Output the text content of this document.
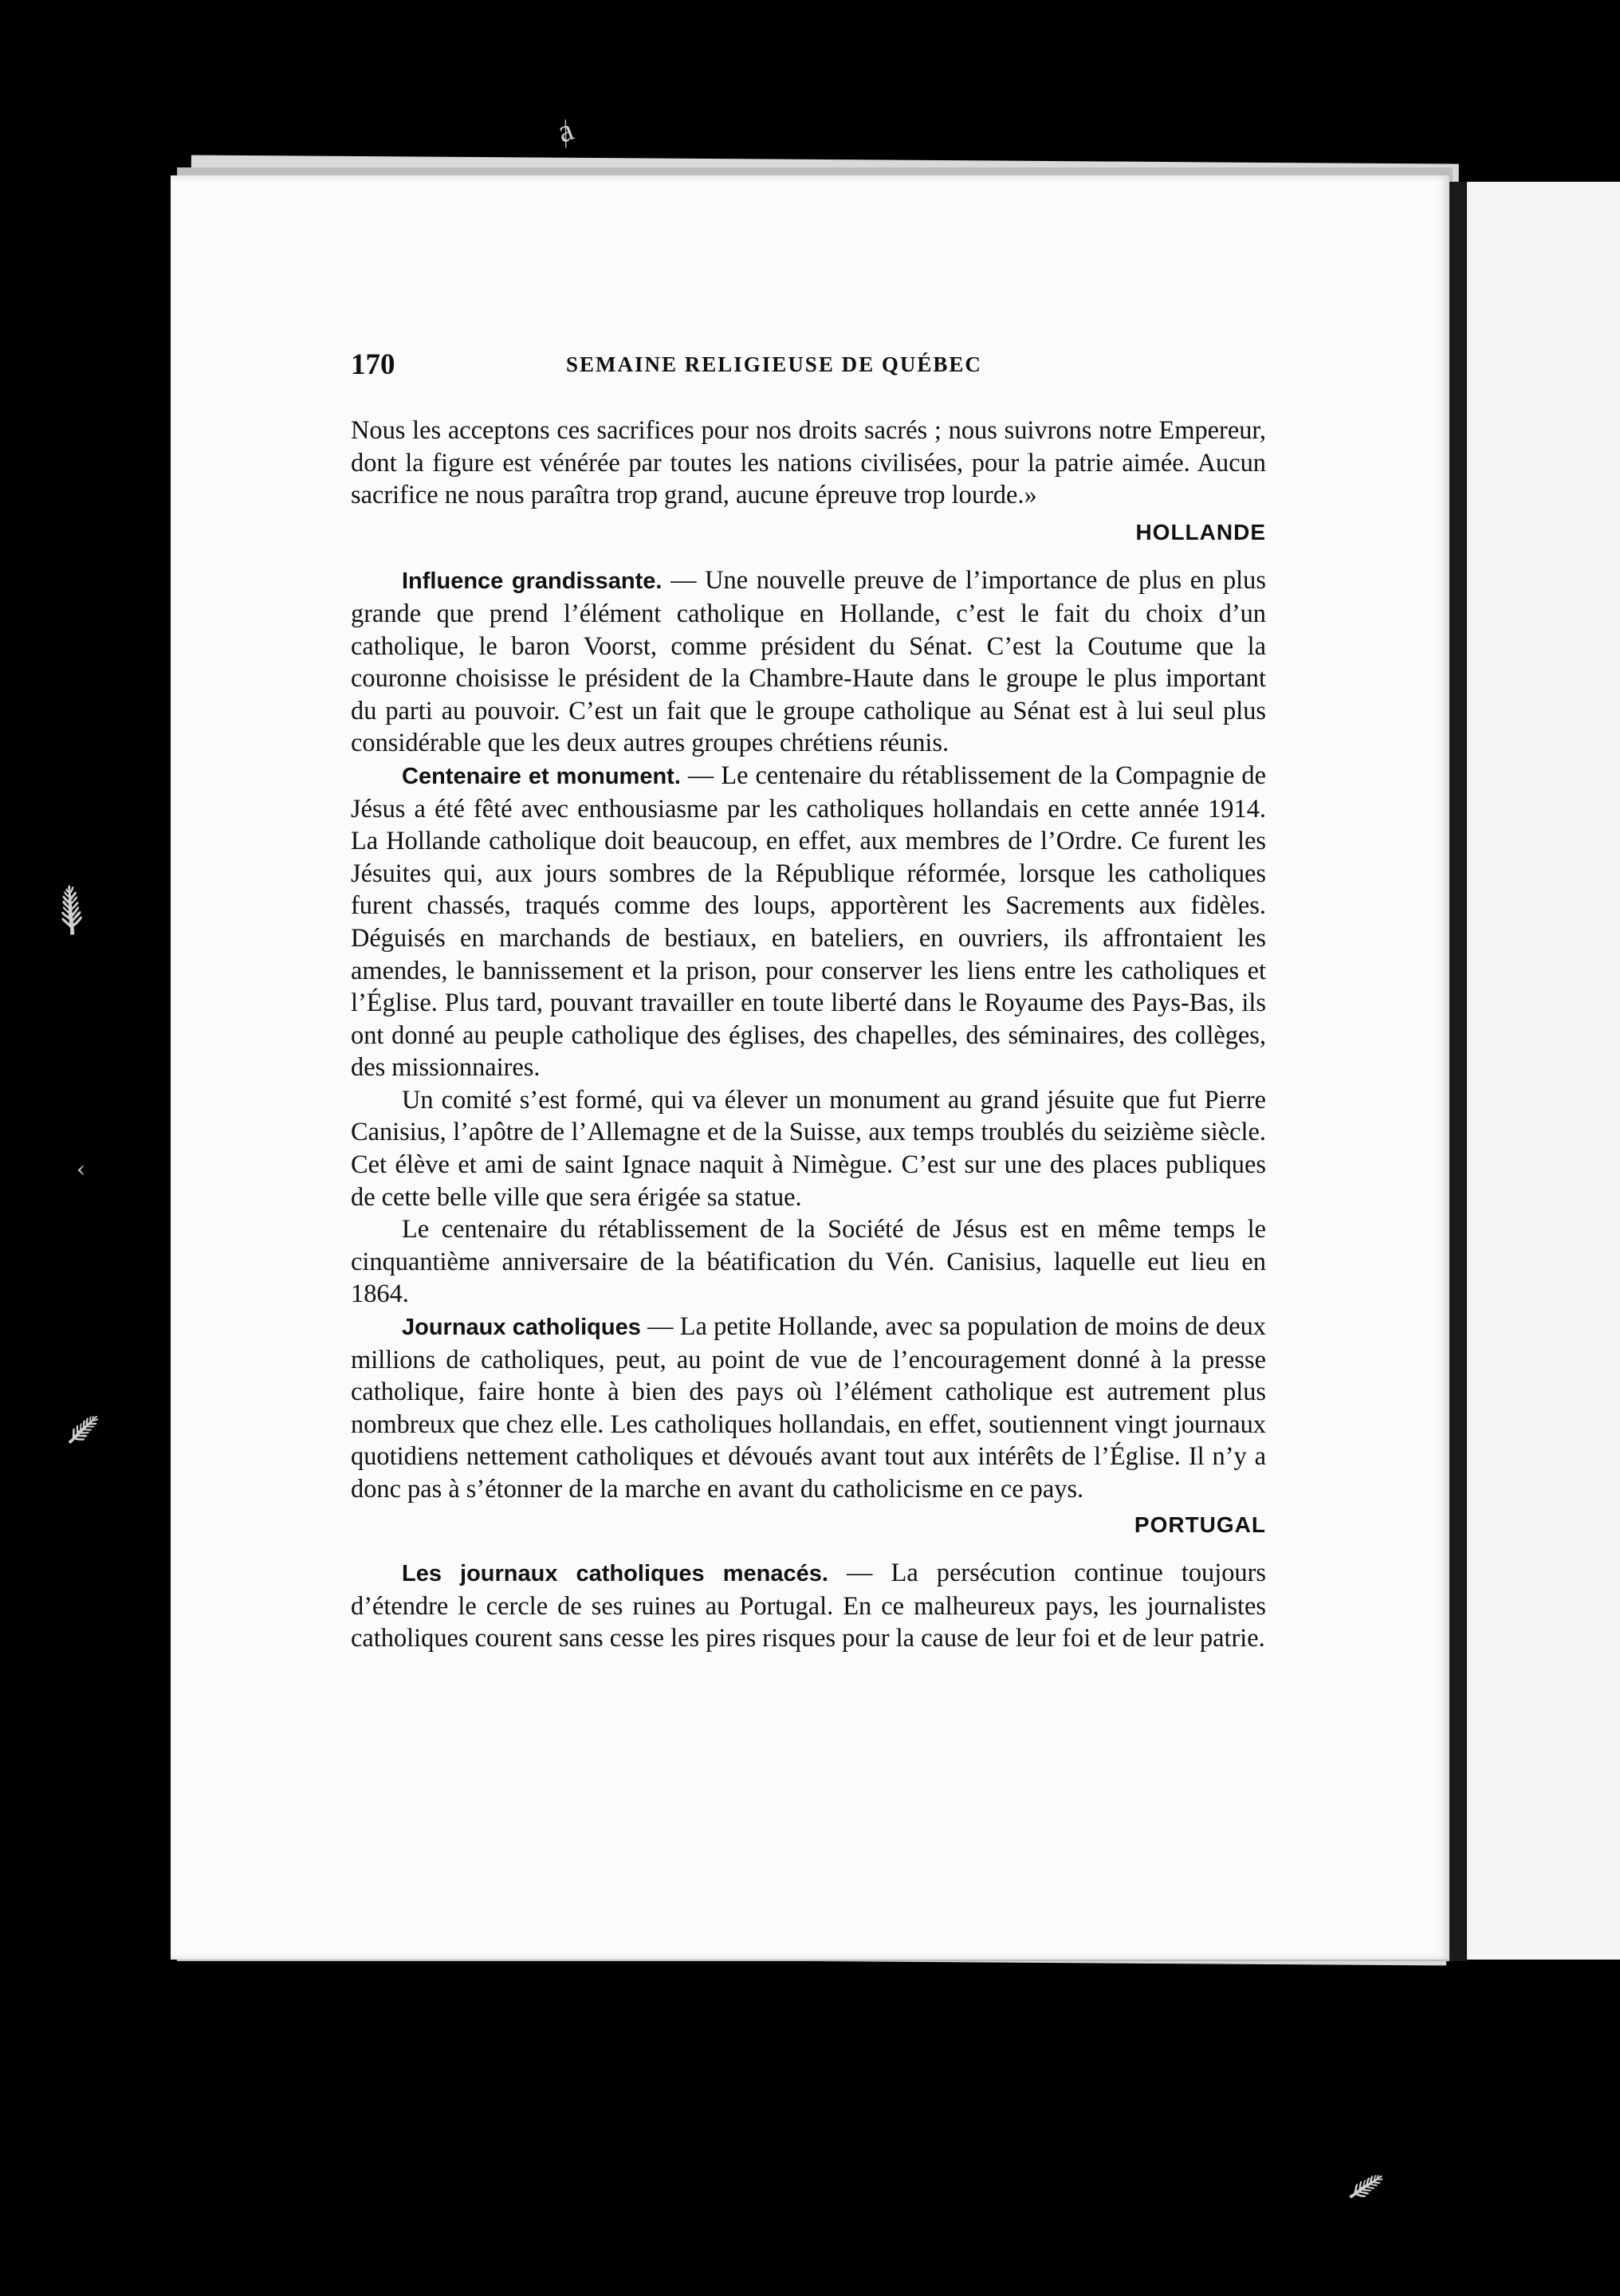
ⱥ
⸙
⸙
⸙
‹
170	SEMAINE RELIGIEUSE DE QUÉBEC

Nous les acceptons ces sacrifices pour nos droits sacrés ; nous suivrons notre Empereur, dont la figure est vénérée par toutes les nations civilisées, pour la patrie aimée. Aucun sacrifice ne nous paraîtra trop grand, aucune épreuve trop lourde.»

HOLLANDE

Influence grandissante. — Une nouvelle preuve de l’importance de plus en plus grande que prend l’élément catholique en Hollande, c’est le fait du choix d’un catholique, le baron Voorst, comme président du Sénat. C’est la Coutume que la couronne choisisse le président de la Chambre-Haute dans le groupe le plus important du parti au pouvoir. C’est un fait que le groupe catholique au Sénat est à lui seul plus considérable que les deux autres groupes chrétiens réunis.

Centenaire et monument. — Le centenaire du rétablissement de la Compagnie de Jésus a été fêté avec enthousiasme par les catholiques hollandais en cette année 1914. La Hollande catholique doit beaucoup, en effet, aux membres de l’Ordre. Ce furent les Jésuites qui, aux jours sombres de la République réformée, lorsque les catholiques furent chassés, traqués comme des loups, apportèrent les Sacrements aux fidèles. Déguisés en marchands de bestiaux, en bateliers, en ouvriers, ils affrontaient les amendes, le bannissement et la prison, pour conserver les liens entre les catholiques et l’Église. Plus tard, pouvant travailler en toute liberté dans le Royaume des Pays-Bas, ils ont donné au peuple catholique des églises, des chapelles, des séminaires, des collèges, des missionnaires.

Un comité s’est formé, qui va élever un monument au grand jésuite que fut Pierre Canisius, l’apôtre de l’Allemagne et de la Suisse, aux temps troublés du seizième siècle. Cet élève et ami de saint Ignace naquit à Nimègue. C’est sur une des places publiques de cette belle ville que sera érigée sa statue.

Le centenaire du rétablissement de la Société de Jésus est en même temps le cinquantième anniversaire de la béatification du Vén. Canisius, laquelle eut lieu en 1864.

Journaux catholiques — La petite Hollande, avec sa population de moins de deux millions de catholiques, peut, au point de vue de l’encouragement donné à la presse catholique, faire honte à bien des pays où l’élément catholique est autrement plus nombreux que chez elle. Les catholiques hollandais, en effet, soutiennent vingt journaux quotidiens nettement catholiques et dévoués avant tout aux intérêts de l’Église. Il n’y a donc pas à s’étonner de la marche en avant du catholicisme en ce pays.

PORTUGAL

Les journaux catholiques menacés. — La persécution continue toujours d’étendre le cercle de ses ruines au Portugal. En ce malheureux pays, les journalistes catholiques courent sans cesse les pires risques pour la cause de leur foi et de leur patrie.
